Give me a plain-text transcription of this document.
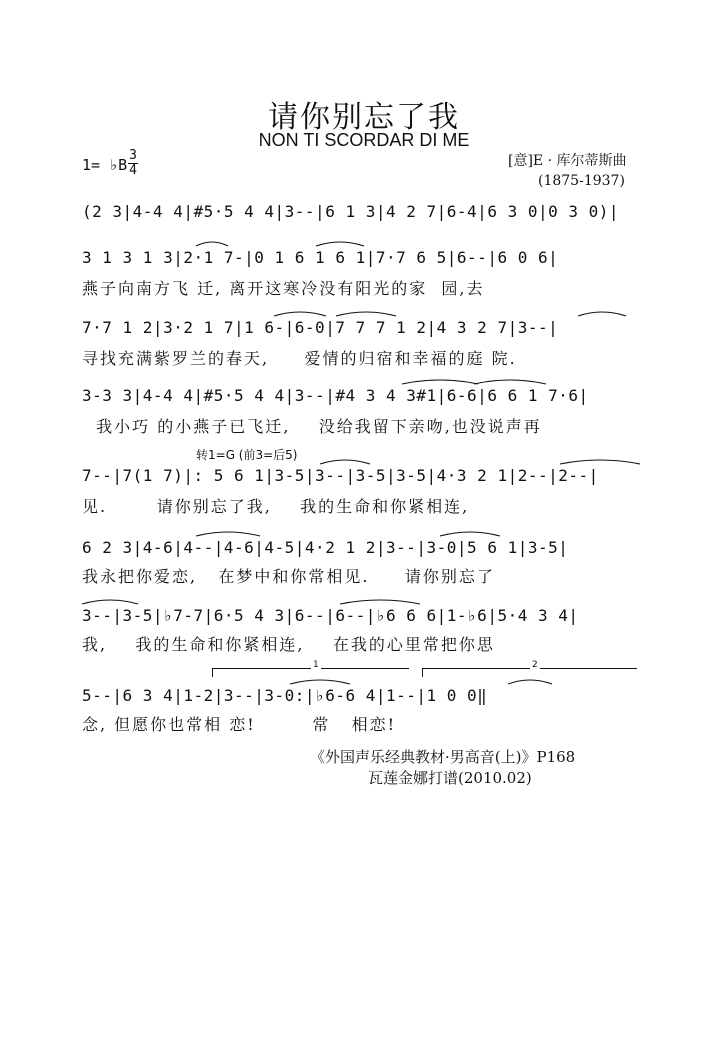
请你别忘了我
NON TI SCORDAR DI ME
1= ♭B
3
4
[意]E · 库尔蒂斯曲
(1875-1937)
(2 3|4-4 4|#5·5 4 4|3--|6 1 3|4 2 7|6-4|6 3 0|0 3 0)|
3 1 3 1 3|2·1 7-|0 1 6 1 6 1|7·7 6 5|6--|6 0 6|
燕子向南方飞 迁, 离开这寒冷没有阳光的家  园,去
7·7 1 2|3·2 1 7|1 6-|6-0|7 7 7 1 2|4 3 2 7|3--|
寻找充满紫罗兰的春天,     爱情的归宿和幸福的庭 院.
3-3 3|4-4 4|#5·5 4 4|3--|#4 3 4 3#1|6-6|6 6 1 7·6|
我小巧 的小燕子已飞迁,    没给我留下亲吻,也没说声再
转1=G (前3=后5)
7--|7(1 7)|: 5 6 1|3-5|3--|3-5|3-5|4·3 2 1|2--|2--|
见.       请你别忘了我,    我的生命和你紧相连,
6 2 3|4-6|4--|4-6|4-5|4·2 1 2|3--|3-0|5 6 1|3-5|
我永把你爱恋,   在梦中和你常相见.     请你别忘了
3--|3-5|♭7-7|6·5 4 3|6--|6--|♭6 6 6|1-♭6|5·4 3 4|
我,    我的生命和你紧相连,    在我的心里常把你思
1	2
5--|6 3 4|1-2|3--|3-0:|♭6-6 4|1--|1 0 0‖
念, 但愿你也常相 恋!        常   相恋!
《外国声乐经典教材·男高音(上)》P168
瓦莲金娜打谱(2010.02)
